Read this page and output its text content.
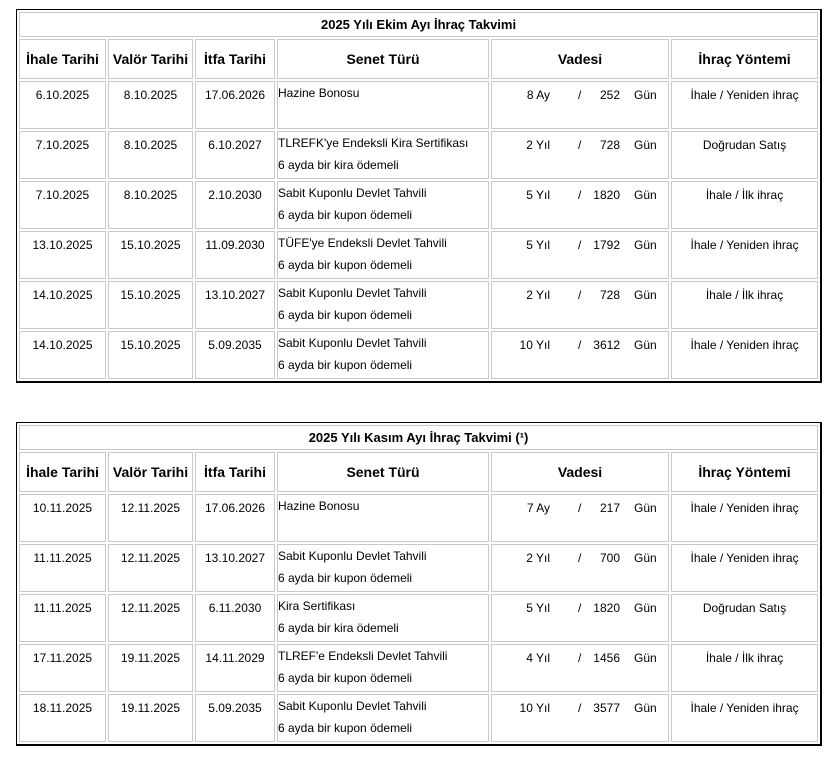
2025 Yılı Ekim Ayı İhraç Takvimi					
İhale Tarihi	Valör Tarihi	İtfa Tarihi	Senet Türü	Vadesi	İhraç Yöntemi
6.10.2025	8.10.2025	17.06.2026	Hazine Bonosu	8 Ay / 252 Gün	İhale / Yeniden ihraç
7.10.2025	8.10.2025	6.10.2027	TLREFK'ye Endeksli Kira Sertifikası
6 ayda bir kira ödemeli	2 Yıl / 728 Gün	Doğrudan Satış
7.10.2025	8.10.2025	2.10.2030	Sabit Kuponlu Devlet Tahvili
6 ayda bir kupon ödemeli	5 Yıl / 1820 Gün	İhale / İlk ihraç
13.10.2025	15.10.2025	11.09.2030	TÜFE'ye Endeksli Devlet Tahvili
6 ayda bir kupon ödemeli	5 Yıl / 1792 Gün	İhale / Yeniden ihraç
14.10.2025	15.10.2025	13.10.2027	Sabit Kuponlu Devlet Tahvili
6 ayda bir kupon ödemeli	2 Yıl / 728 Gün	İhale / İlk ihraç
14.10.2025	15.10.2025	5.09.2035	Sabit Kuponlu Devlet Tahvili
6 ayda bir kupon ödemeli	10 Yıl / 3612 Gün	İhale / Yeniden ihraç
2025 Yılı Kasım Ayı İhraç Takvimi (¹)					
İhale Tarihi	Valör Tarihi	İtfa Tarihi	Senet Türü	Vadesi	İhraç Yöntemi
10.11.2025	12.11.2025	17.06.2026	Hazine Bonosu	7 Ay / 217 Gün	İhale / Yeniden ihraç
11.11.2025	12.11.2025	13.10.2027	Sabit Kuponlu Devlet Tahvili
6 ayda bir kupon ödemeli	2 Yıl / 700 Gün	İhale / Yeniden ihraç
11.11.2025	12.11.2025	6.11.2030	Kira Sertifikası
6 ayda bir kira ödemeli	5 Yıl / 1820 Gün	Doğrudan Satış
17.11.2025	19.11.2025	14.11.2029	TLREF'e Endeksli Devlet Tahvili
6 ayda bir kupon ödemeli	4 Yıl / 1456 Gün	İhale / İlk ihraç
18.11.2025	19.11.2025	5.09.2035	Sabit Kuponlu Devlet Tahvili
6 ayda bir kupon ödemeli	10 Yıl / 3577 Gün	İhale / Yeniden ihraç
